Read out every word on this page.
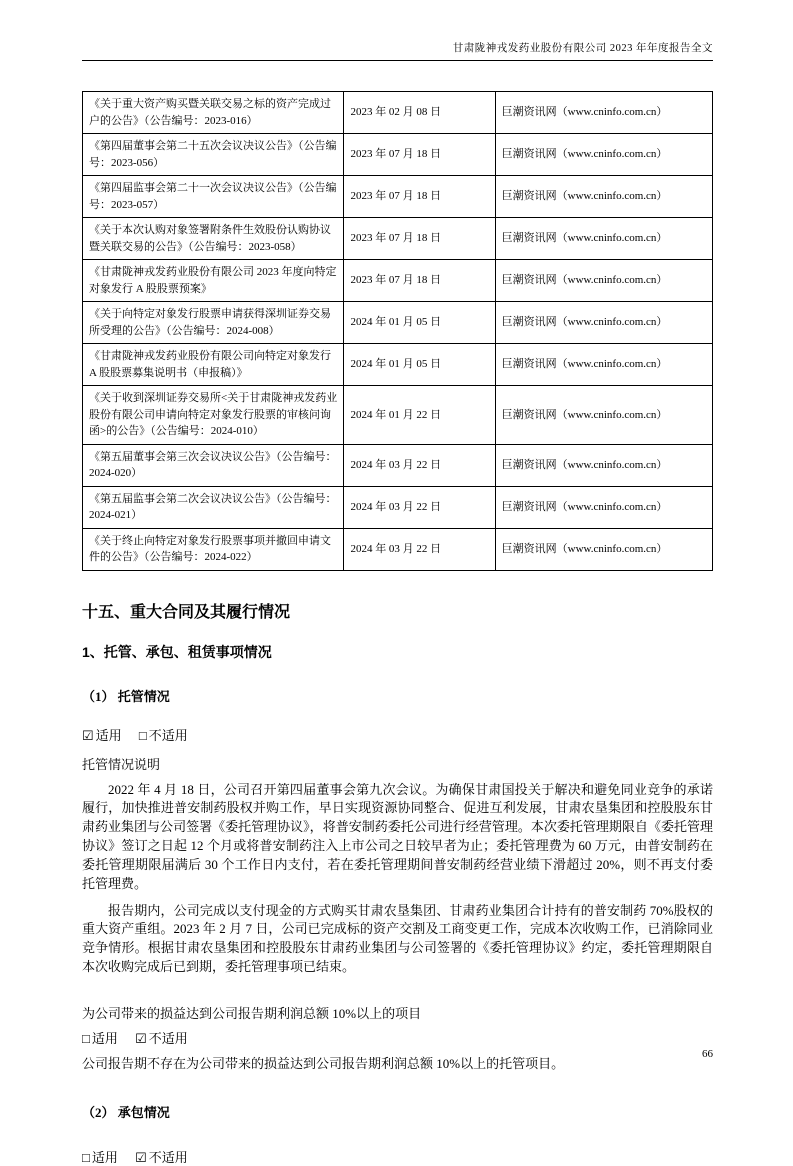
甘肃陇神戎发药业股份有限公司 2023 年年度报告全文
《关于重大资产购买暨关联交易之标的资产完成过户的公告》（公告编号：2023-016）	2023 年 02 月 08 日	巨潮资讯网（www.cninfo.com.cn）
《第四届董事会第二十五次会议决议公告》（公告编号：2023-056）	2023 年 07 月 18 日	巨潮资讯网（www.cninfo.com.cn）
《第四届监事会第二十一次会议决议公告》（公告编号：2023-057）	2023 年 07 月 18 日	巨潮资讯网（www.cninfo.com.cn）
《关于本次认购对象签署附条件生效股份认购协议暨关联交易的公告》（公告编号：2023-058）	2023 年 07 月 18 日	巨潮资讯网（www.cninfo.com.cn）
《甘肃陇神戎发药业股份有限公司 2023 年度向特定对象发行 A 股股票预案》	2023 年 07 月 18 日	巨潮资讯网（www.cninfo.com.cn）
《关于向特定对象发行股票申请获得深圳证券交易所受理的公告》（公告编号：2024-008）	2024 年 01 月 05 日	巨潮资讯网（www.cninfo.com.cn）
《甘肃陇神戎发药业股份有限公司向特定对象发行 A 股股票募集说明书（申报稿）》	2024 年 01 月 05 日	巨潮资讯网（www.cninfo.com.cn）
《关于收到深圳证券交易所<关于甘肃陇神戎发药业股份有限公司申请向特定对象发行股票的审核问询函>的公告》（公告编号：2024-010）	2024 年 01 月 22 日	巨潮资讯网（www.cninfo.com.cn）
《第五届董事会第三次会议决议公告》（公告编号：2024-020）	2024 年 03 月 22 日	巨潮资讯网（www.cninfo.com.cn）
《第五届监事会第二次会议决议公告》（公告编号：2024-021）	2024 年 03 月 22 日	巨潮资讯网（www.cninfo.com.cn）
《关于终止向特定对象发行股票事项并撤回申请文件的公告》（公告编号：2024-022）	2024 年 03 月 22 日	巨潮资讯网（www.cninfo.com.cn）
十五、重大合同及其履行情况
1、托管、承包、租赁事项情况
（1） 托管情况
☑ 适用 □ 不适用
托管情况说明
2022 年 4 月 18 日，公司召开第四届董事会第九次会议。为确保甘肃国投关于解决和避免同业竞争的承诺履行，加快推进普安制药股权并购工作，早日实现资源协同整合、促进互利发展，甘肃农垦集团和控股股东甘肃药业集团与公司签署《委托管理协议》，将普安制药委托公司进行经营管理。本次委托管理期限自《委托管理协议》签订之日起 12 个月或将普安制药注入上市公司之日较早者为止；委托管理费为 60 万元，由普安制药在委托管理期限届满后 30 个工作日内支付，若在委托管理期间普安制药经营业绩下滑超过 20%，则不再支付委托管理费。
报告期内，公司完成以支付现金的方式购买甘肃农垦集团、甘肃药业集团合计持有的普安制药 70%股权的重大资产重组。2023 年 2 月 7 日，公司已完成标的资产交割及工商变更工作，完成本次收购工作，已消除同业竞争情形。根据甘肃农垦集团和控股股东甘肃药业集团与公司签署的《委托管理协议》约定，委托管理期限自本次收购完成后已到期，委托管理事项已结束。
为公司带来的损益达到公司报告期利润总额 10%以上的项目
□ 适用 ☑ 不适用
公司报告期不存在为公司带来的损益达到公司报告期利润总额 10%以上的托管项目。
（2） 承包情况
□ 适用 ☑ 不适用
66
